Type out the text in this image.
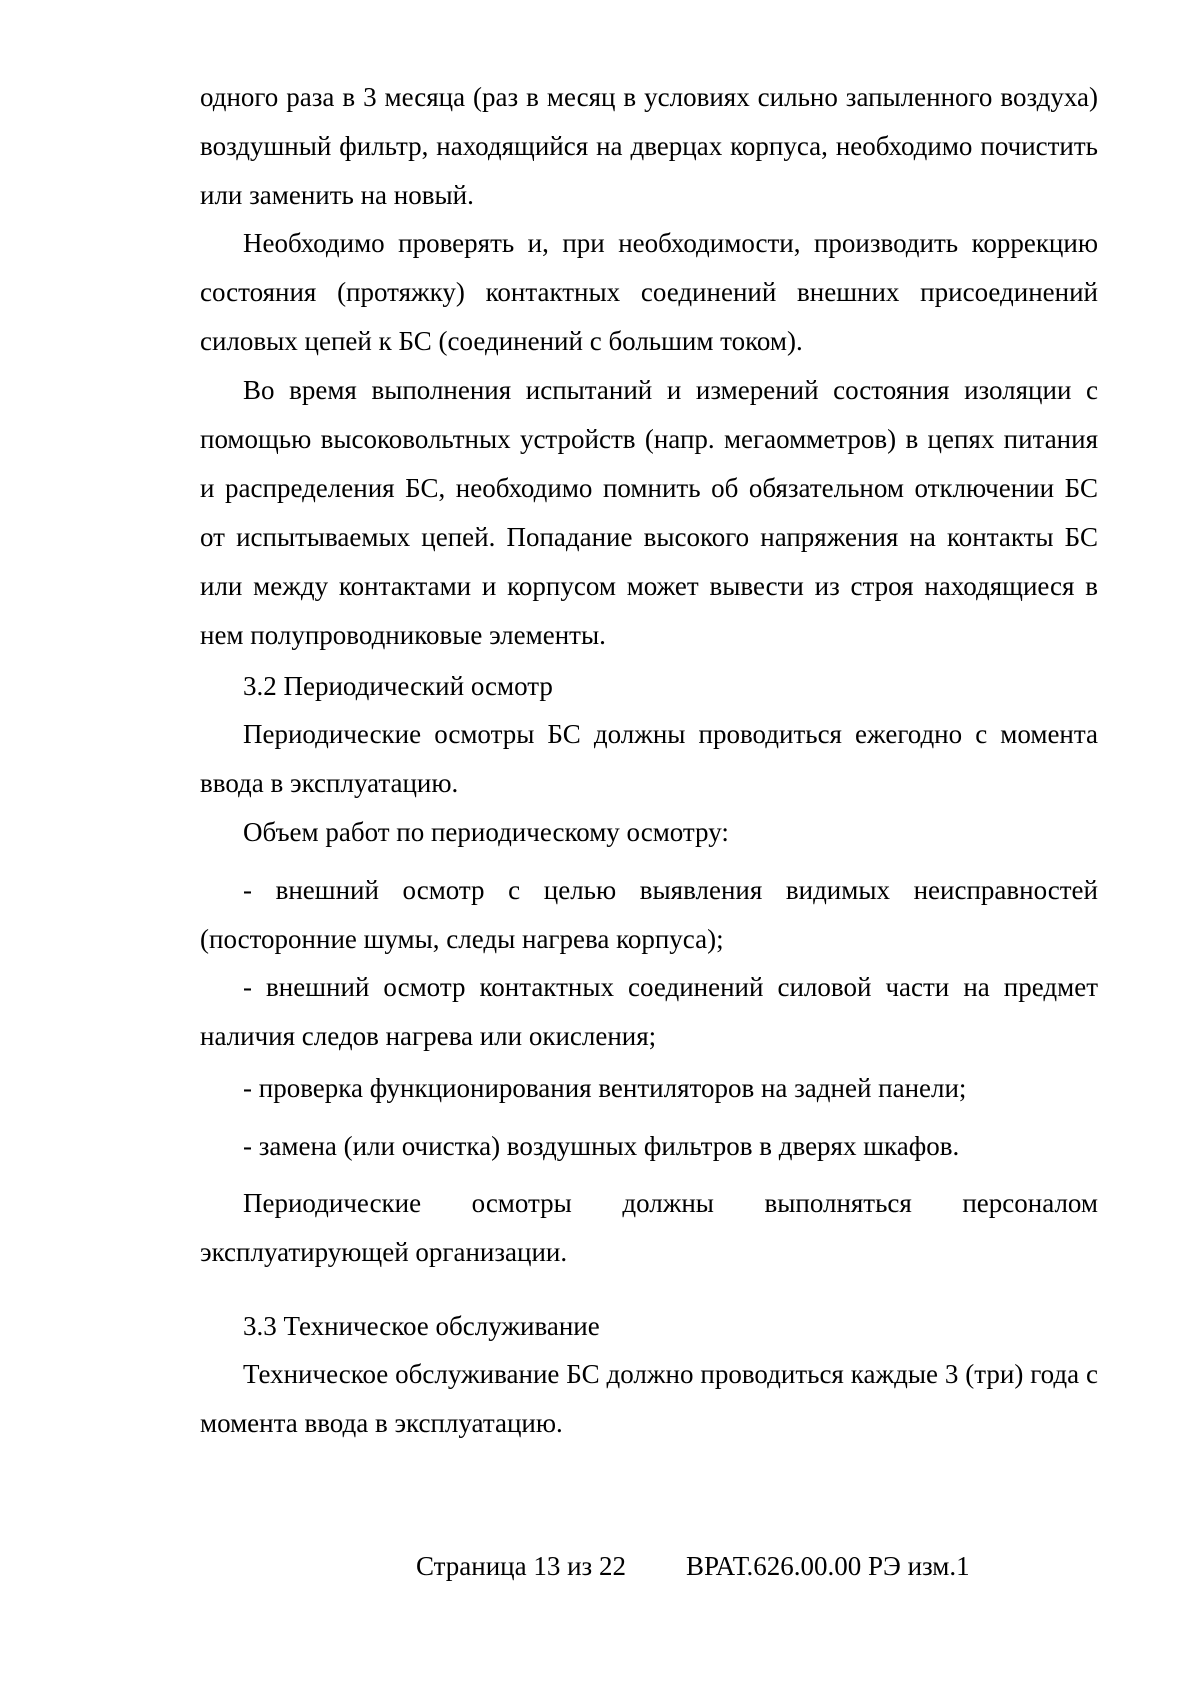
одного раза в 3 месяца (раз в месяц в условиях сильно запыленного воздуха) воздушный фильтр, находящийся на дверцах корпуса, необходимо почистить или заменить на новый.

Необходимо проверять и, при необходимости, производить коррекцию состояния (протяжку) контактных соединений внешних присоединений силовых цепей к БС (соединений с большим током).

Во время выполнения испытаний и измерений состояния изоляции с помощью высоковольтных устройств (напр. мегаомметров) в цепях питания и распределения БС, необходимо помнить об обязательном отключении БС от испытываемых цепей. Попадание высокого напряжения на контакты БС или между контактами и корпусом может вывести из строя находящиеся в нем полупроводниковые элементы.

3.2 Периодический осмотр

Периодические осмотры БС должны проводиться ежегодно с момента ввода в эксплуатацию.

Объем работ по периодическому осмотру:

- внешний осмотр с целью выявления видимых неисправностей (посторонние шумы, следы нагрева корпуса);

- внешний осмотр контактных соединений силовой части на предмет наличия следов нагрева или окисления;

- проверка функционирования вентиляторов на задней панели;

- замена (или очистка) воздушных фильтров в дверях шкафов.

Периодические осмотры должны выполняться персоналом эксплуатирующей организации.

3.3 Техническое обслуживание

Техническое обслуживание БС должно проводиться каждые 3 (три) года с момента ввода в эксплуатацию.

Страница 13 из 22 ВРАТ.626.00.00 РЭ изм.1
